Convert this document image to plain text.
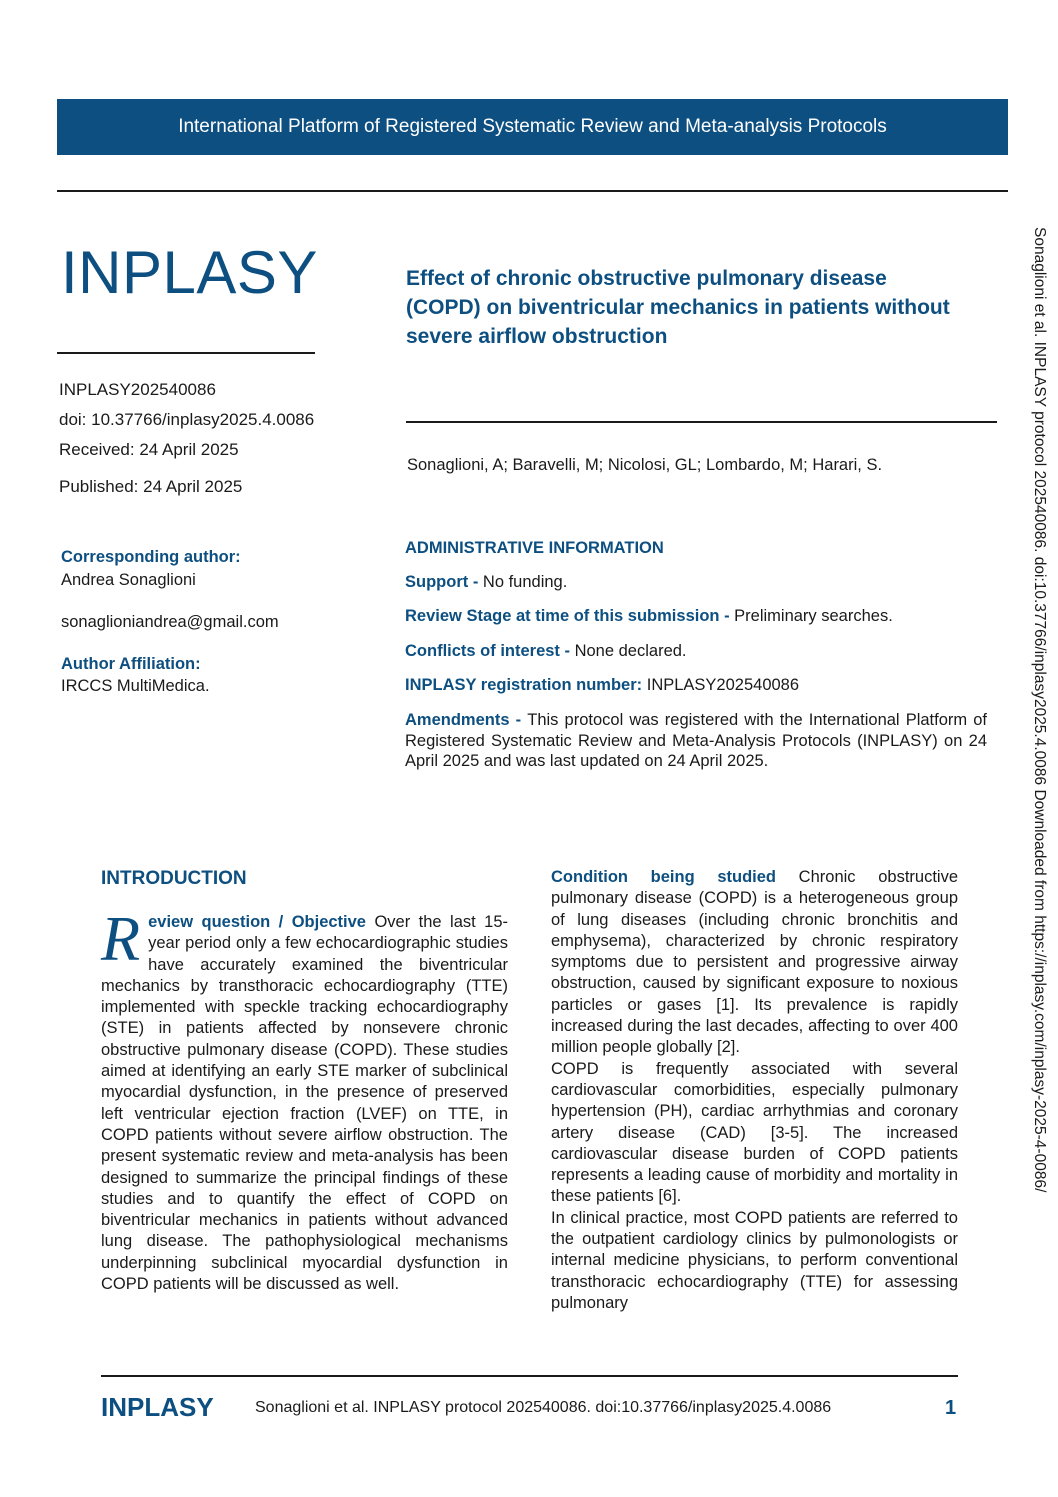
International Platform of Registered Systematic Review and Meta-analysis Protocols
INPLASY	Effect of chronic obstructive pulmonary disease (COPD) on biventricular mechanics in patients without severe airflow obstruction
INPLASY202540086
doi: 10.37766/inplasy2025.4.0086
Received: 24 April 2025
Published: 24 April 2025
Sonaglioni, A; Baravelli, M; Nicolosi, GL; Lombardo, M; Harari, S.
Corresponding author:
Andrea Sonaglioni
sonaglioniandrea@gmail.com
Author Affiliation:
IRCCS MultiMedica.
ADMINISTRATIVE INFORMATION
Support - No funding.
Review Stage at time of this submission - Preliminary searches.
Conflicts of interest - None declared.
INPLASY registration number: INPLASY202540086
Amendments - This protocol was registered with the International Platform of Registered Systematic Review and Meta-Analysis Protocols (INPLASY) on 24 April 2025 and was last updated on 24 April 2025.
INTRODUCTION
Review question / Objective Over the last 15-year period only a few echocardiographic studies have accurately examined the biventricular mechanics by transthoracic echocardiography (TTE) implemented with speckle tracking echocardiography (STE) in patients affected by nonsevere chronic obstructive pulmonary disease (COPD). These studies aimed at identifying an early STE marker of subclinical myocardial dysfunction, in the presence of preserved left ventricular ejection fraction (LVEF) on TTE, in COPD patients without severe airflow obstruction. The present systematic review and meta-analysis has been designed to summarize the principal findings of these studies and to quantify the effect of COPD on biventricular mechanics in patients without advanced lung disease. The pathophysiological mechanisms underpinning subclinical myocardial dysfunction in COPD patients will be discussed as well.
Condition being studied Chronic obstructive pulmonary disease (COPD) is a heterogeneous group of lung diseases (including chronic bronchitis and emphysema), characterized by chronic respiratory symptoms due to persistent and progressive airway obstruction, caused by significant exposure to noxious particles or gases [1]. Its prevalence is rapidly increased during the last decades, affecting to over 400 million people globally [2].
COPD is frequently associated with several cardiovascular comorbidities, especially pulmonary hypertension (PH), cardiac arrhythmias and coronary artery disease (CAD) [3-5]. The increased cardiovascular disease burden of COPD patients represents a leading cause of morbidity and mortality in these patients [6].
In clinical practice, most COPD patients are referred to the outpatient cardiology clinics by pulmonologists or internal medicine physicians, to perform conventional transthoracic echocardiography (TTE) for assessing pulmonary
Sonaglioni et al. INPLASY protocol 202540086. doi:10.37766/inplasy2025.4.0086 Downloaded from https://inplasy.com/inplasy-2025-4-0086/
INPLASY	Sonaglioni et al. INPLASY protocol 202540086. doi:10.37766/inplasy2025.4.0086	1
